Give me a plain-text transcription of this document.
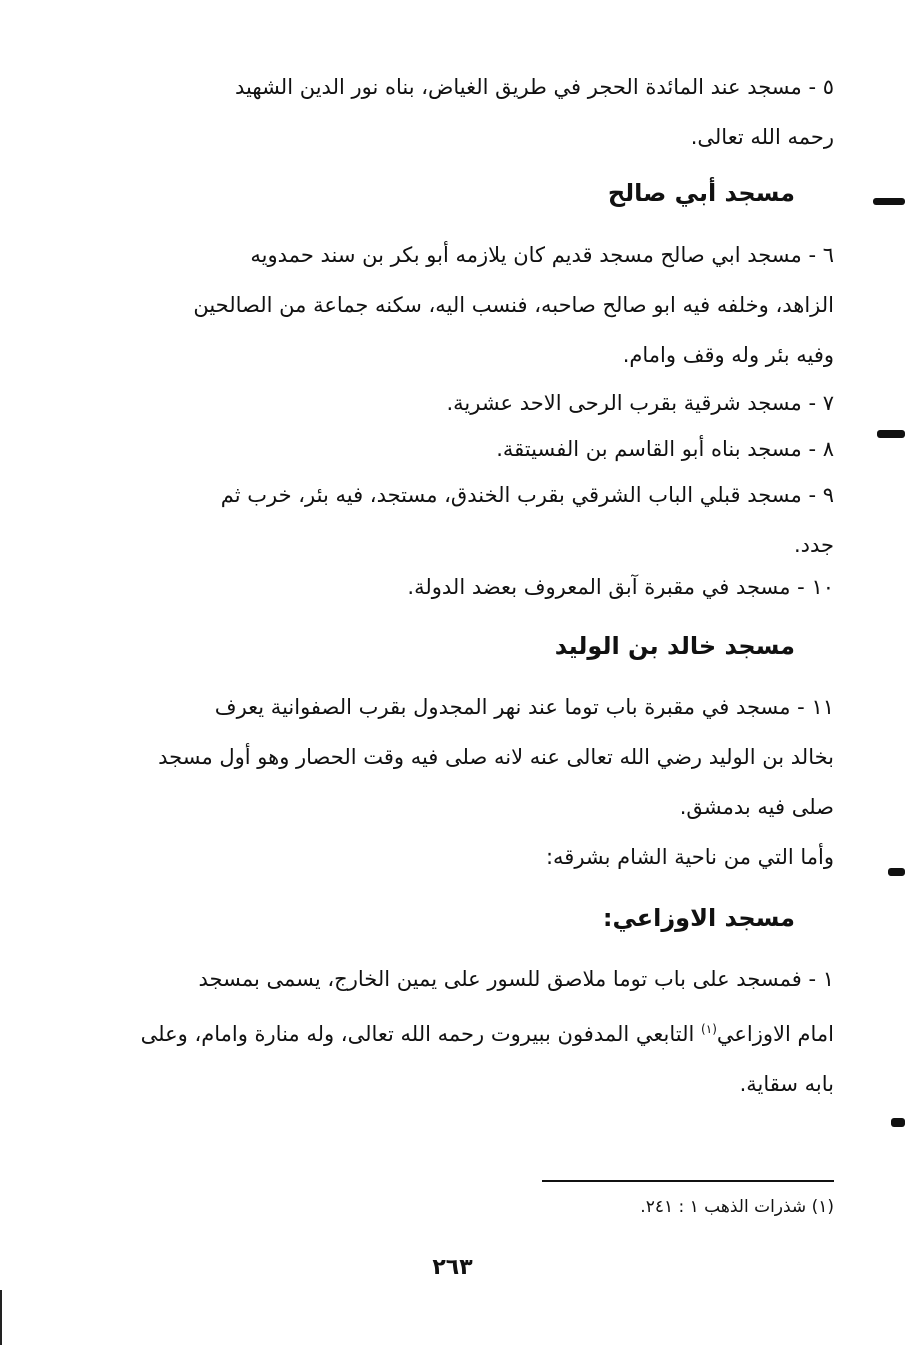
٥ - مسجد عند المائدة الحجر في طريق الغياض، بناه نور الدين الشهيد
رحمه الله تعالى.
مسجد أبي صالح
٦ - مسجد ابي صالح مسجد قديم كان يلازمه أبو بكر بن سند حمدويه
الزاهد، وخلفه فيه ابو صالح صاحبه، فنسب اليه، سكنه جماعة من الصالحين
وفيه بئر وله وقف وامام.
٧ - مسجد شرقية بقرب الرحى الاحد عشرية.
٨ - مسجد بناه أبو القاسم بن الفسيتقة.
٩ - مسجد قبلي الباب الشرقي بقرب الخندق، مستجد، فيه بئر، خرب ثم
جدد.
١٠ - مسجد في مقبرة آبق المعروف بعضد الدولة.
مسجد خالد بن الوليد
١١ - مسجد في مقبرة باب توما عند نهر المجدول بقرب الصفوانية يعرف
بخالد بن الوليد رضي الله تعالى عنه لانه صلى فيه وقت الحصار وهو أول مسجد
صلى فيه بدمشق.
وأما التي من ناحية الشام بشرقه:
مسجد الاوزاعي:
١ - فمسجد على باب توما ملاصق للسور على يمين الخارج، يسمى بمسجد
امام الاوزاعي$^{(١)}$ التابعي المدفون ببيروت رحمه الله تعالى، وله منارة وامام، وعلى
بابه سقاية.
(١) شذرات الذهب ١ : ٢٤١.
٢٦٣
